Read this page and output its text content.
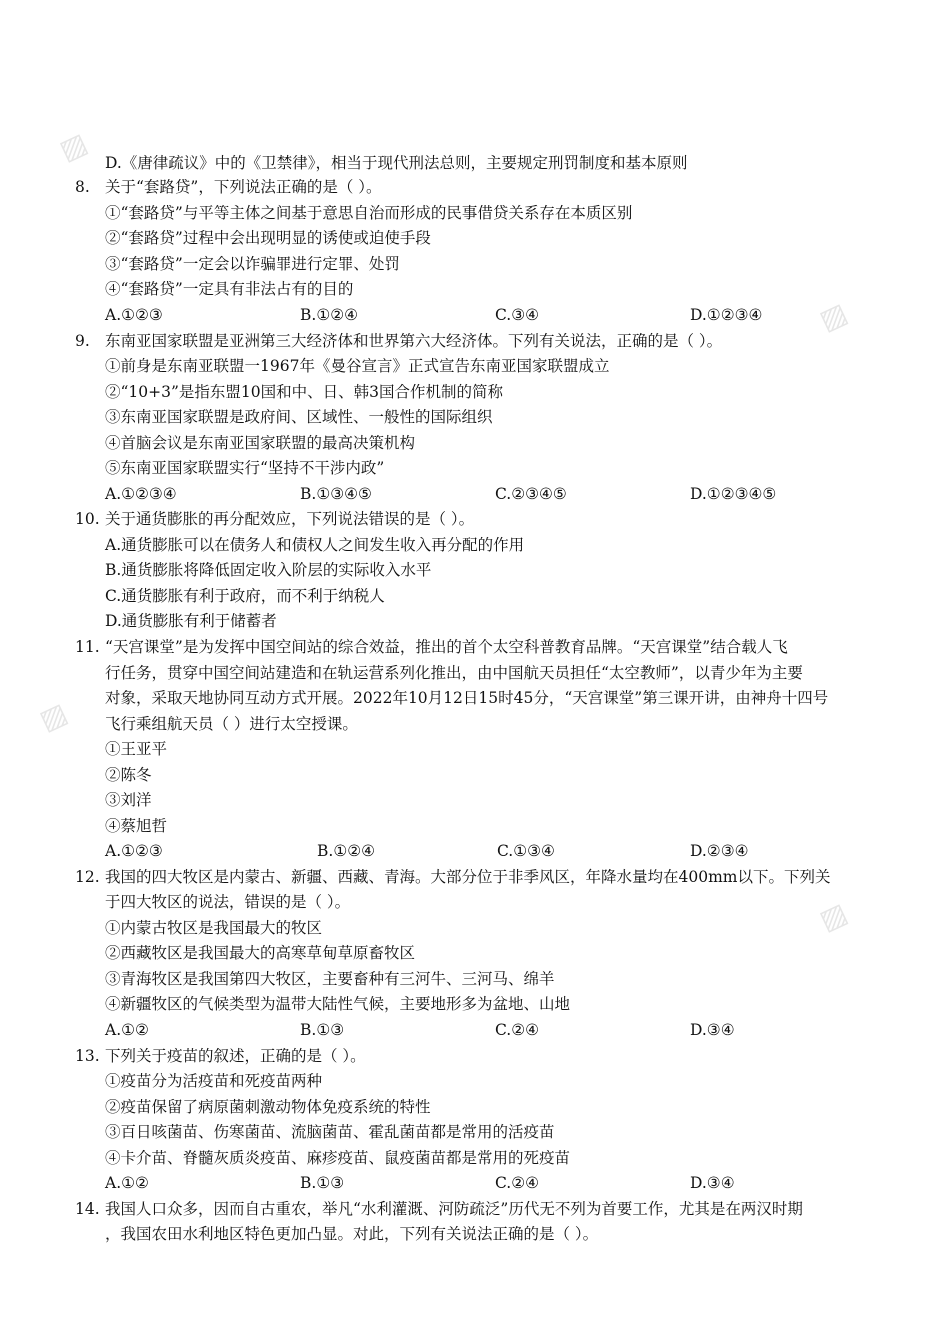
▨
▨
▨
▨
D.《唐律疏议》中的《卫禁律》，相当于现代刑法总则，主要规定刑罚制度和基本原则
8. 关于“套路贷”，下列说法正确的是（ ）。
①“套路贷”与平等主体之间基于意思自治而形成的民事借贷关系存在本质区别
②“套路贷”过程中会出现明显的诱使或迫使手段
③“套路贷”一定会以诈骗罪进行定罪、处罚
④“套路贷”一定具有非法占有的目的
A.①②③	B.①②④	C.③④	D.①②③④
9. 东南亚国家联盟是亚洲第三大经济体和世界第六大经济体。下列有关说法，正确的是（ ）。
①前身是东南亚联盟一1967年《曼谷宣言》正式宣告东南亚国家联盟成立
②“10+3”是指东盟10国和中、日、韩3国合作机制的简称
③东南亚国家联盟是政府间、区域性、一般性的国际组织
④首脑会议是东南亚国家联盟的最高决策机构
⑤东南亚国家联盟实行“坚持不干涉内政”
A.①②③④	B.①③④⑤	C.②③④⑤	D.①②③④⑤
10. 关于通货膨胀的再分配效应，下列说法错误的是（ ）。
A.通货膨胀可以在债务人和债权人之间发生收入再分配的作用
B.通货膨胀将降低固定收入阶层的实际收入水平
C.通货膨胀有利于政府，而不利于纳税人
D.通货膨胀有利于储蓄者
11. “天宫课堂”是为发挥中国空间站的综合效益，推出的首个太空科普教育品牌。“天宫课堂”结合载人飞
行任务，贯穿中国空间站建造和在轨运营系列化推出，由中国航天员担任“太空教师”，以青少年为主要
对象，采取天地协同互动方式开展。2022年10月12日15时45分，“天宫课堂”第三课开讲，由神舟十四号
飞行乘组航天员（ ）进行太空授课。
①王亚平
②陈冬
③刘洋
④蔡旭哲
A.①②③	B.①②④	C.①③④	D.②③④
12. 我国的四大牧区是内蒙古、新疆、西藏、青海。大部分位于非季风区，年降水量均在400mm以下。下列关
于四大牧区的说法，错误的是（ ）。
①内蒙古牧区是我国最大的牧区
②西藏牧区是我国最大的高寒草甸草原畜牧区
③青海牧区是我国第四大牧区，主要畜种有三河牛、三河马、绵羊
④新疆牧区的气候类型为温带大陆性气候，主要地形多为盆地、山地
A.①②	B.①③	C.②④	D.③④
13. 下列关于疫苗的叙述，正确的是（ ）。
①疫苗分为活疫苗和死疫苗两种
②疫苗保留了病原菌刺激动物体免疫系统的特性
③百日咳菌苗、伤寒菌苗、流脑菌苗、霍乱菌苗都是常用的活疫苗
④卡介苗、脊髓灰质炎疫苗、麻疹疫苗、鼠疫菌苗都是常用的死疫苗
A.①②	B.①③	C.②④	D.③④
14. 我国人口众多，因而自古重农，举凡“水利灌溉、河防疏泛”历代无不列为首要工作，尤其是在两汉时期
，我国农田水利地区特色更加凸显。对此，下列有关说法正确的是（ ）。
